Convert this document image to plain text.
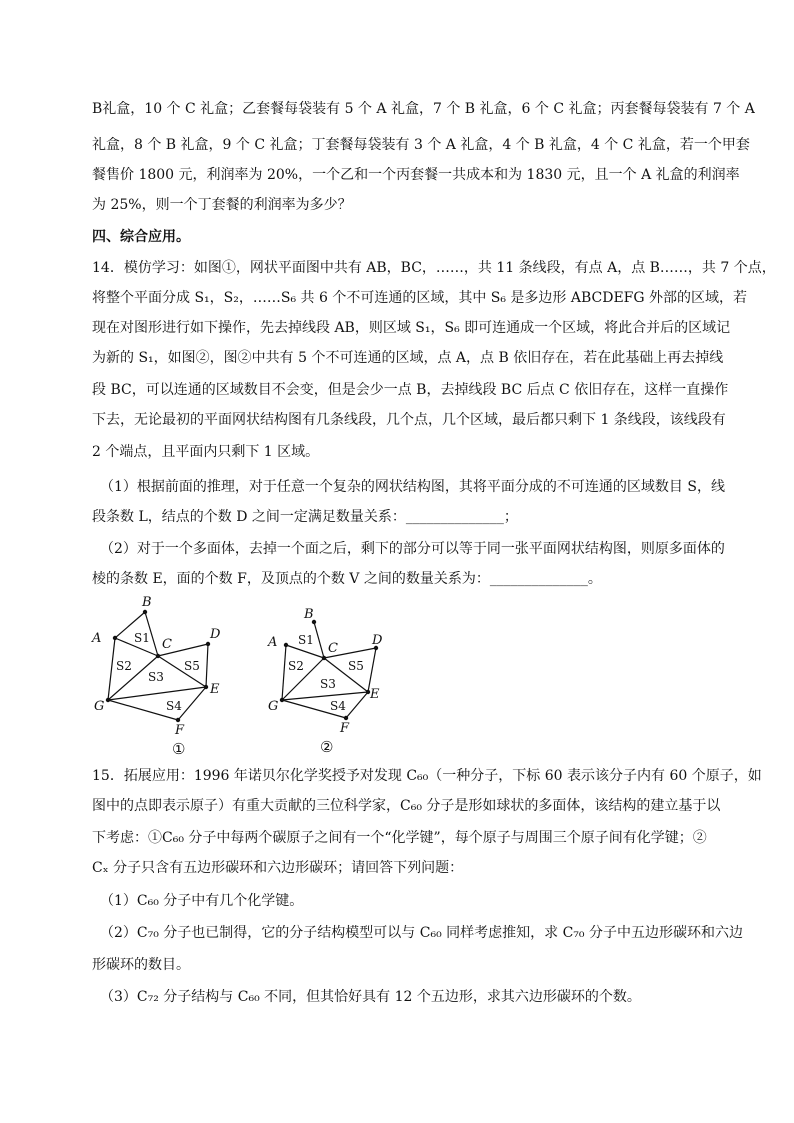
B礼盒，10 个 C 礼盒；乙套餐每袋装有 5 个 A 礼盒，7 个 B 礼盒，6 个 C 礼盒；丙套餐每袋装有 7 个 A
礼盒，8 个 B 礼盒，9 个 C 礼盒；丁套餐每袋装有 3 个 A 礼盒，4 个 B 礼盒，4 个 C 礼盒，若一个甲套
餐售价 1800 元，利润率为 20%，一个乙和一个丙套餐一共成本和为 1830 元，且一个 A 礼盒的利润率
为 25%，则一个丁套餐的利润率为多少？
四、综合应用。
14．模仿学习：如图①，网状平面图中共有 AB，BC，……，共 11 条线段，有点 A，点 B……，共 7 个点，
将整个平面分成 S₁，S₂，……S₆ 共 6 个不可连通的区域，其中 S₆ 是多边形 ABCDEFG 外部的区域，若
现在对图形进行如下操作，先去掉线段 AB，则区域 S₁，S₆ 即可连通成一个区域，将此合并后的区域记
为新的 S₁，如图②，图②中共有 5 个不可连通的区域，点 A，点 B 依旧存在，若在此基础上再去掉线
段 BC，可以连通的区域数目不会变，但是会少一点 B，去掉线段 BC 后点 C 依旧存在，这样一直操作
下去，无论最初的平面网状结构图有几条线段，几个点，几个区域，最后都只剩下 1 条线段，该线段有
2 个端点，且平面内只剩下 1 区域。
（1）根据前面的推理，对于任意一个复杂的网状结构图，其将平面分成的不可连通的区域数目 S，线
段条数 L，结点的个数 D 之间一定满足数量关系：______________；
（2）对于一个多面体，去掉一个面之后，剩下的部分可以等于同一张平面网状结构图，则原多面体的
棱的条数 E，面的个数 F，及顶点的个数 V 之间的数量关系为：______________。
A
B
C
D
E
G
F
S1
S2
S3
S4
S5
①
A
B
C
D
E
G
F
S1
S2
S3
S4
S5
②
15．拓展应用：1996 年诺贝尔化学奖授予对发现 C₆₀（一种分子，下标 60 表示该分子内有 60 个原子，如
图中的点即表示原子）有重大贡献的三位科学家，C₆₀ 分子是形如球状的多面体，该结构的建立基于以
下考虑：①C₆₀ 分子中每两个碳原子之间有一个“化学键”，每个原子与周围三个原子间有化学键；②
Cₓ 分子只含有五边形碳环和六边形碳环；请回答下列问题：
（1）C₆₀ 分子中有几个化学键。
（2）C₇₀ 分子也已制得，它的分子结构模型可以与 C₆₀ 同样考虑推知，求 C₇₀ 分子中五边形碳环和六边
形碳环的数目。
（3）C₇₂ 分子结构与 C₆₀ 不同，但其恰好具有 12 个五边形，求其六边形碳环的个数。
